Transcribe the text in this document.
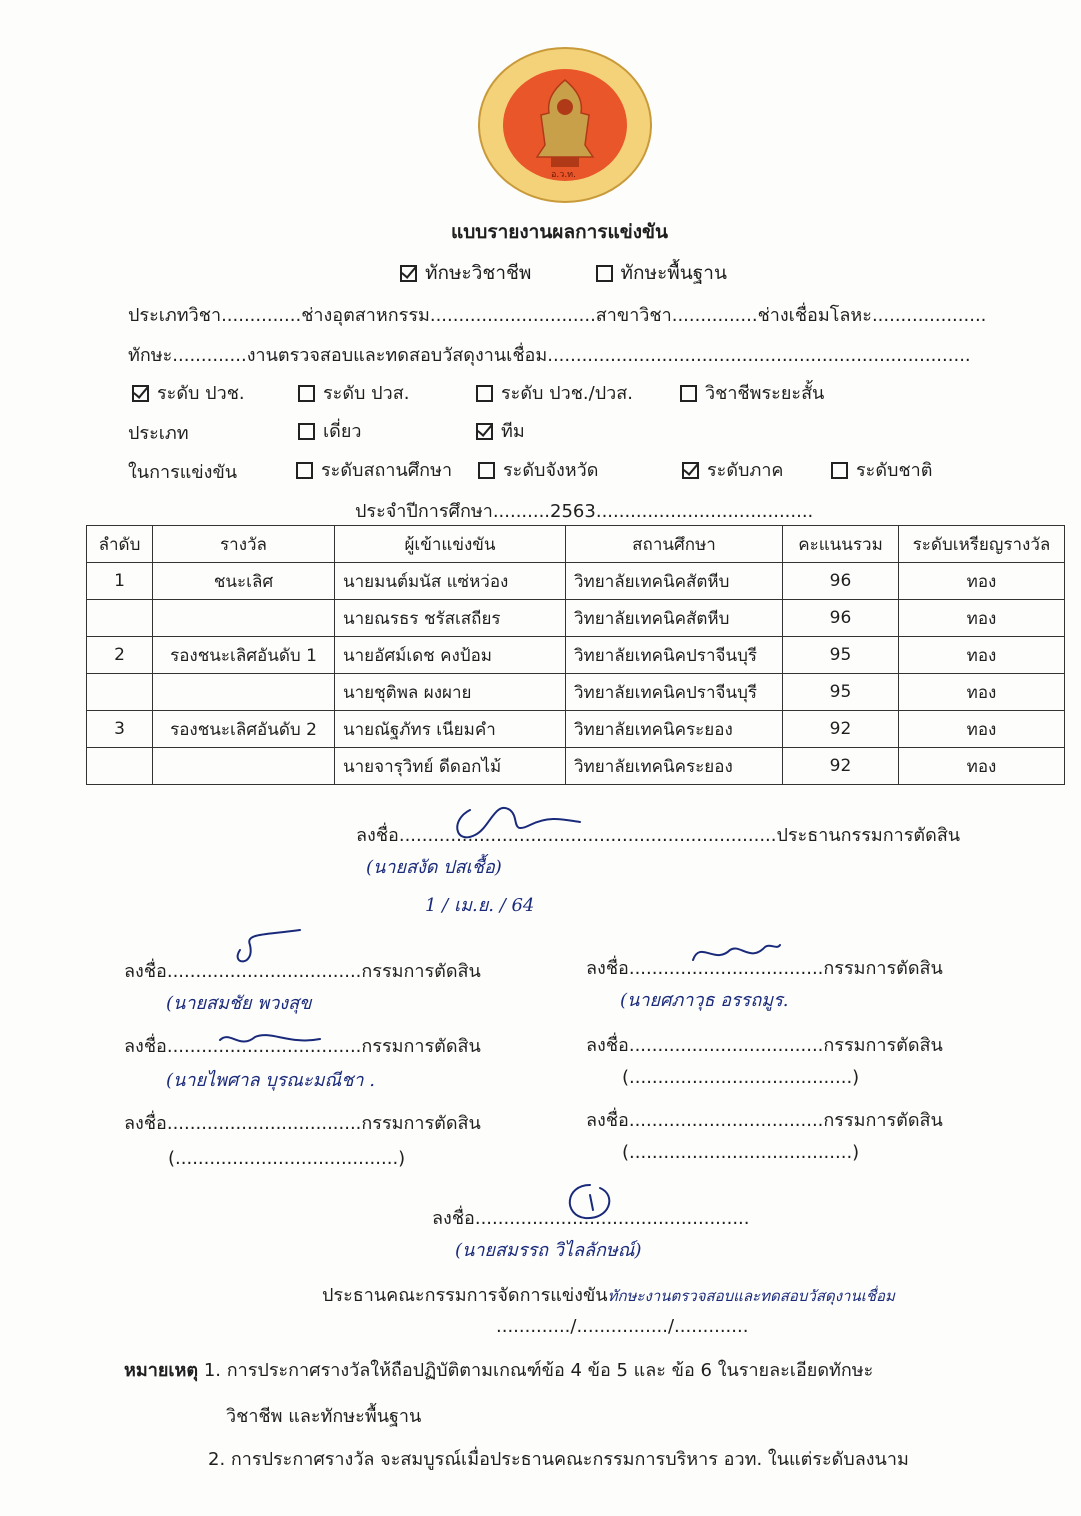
อ.ว.ท.
แบบรายงานผลการแข่งขัน
ทักษะวิชาชีพ	ทักษะพื้นฐาน
ประเภทวิชา..............ช่างอุตสาหกรรม.............................สาขาวิชา...............ช่างเชื่อมโลหะ....................
ทักษะ.............งานตรวจสอบและทดสอบวัสดุงานเชื่อม..........................................................................
ระดับ ปวช.	ระดับ ปวส.	ระดับ ปวช./ปวส.	วิชาชีพระยะสั้น
ประเภท	เดี่ยว	ทีม
ในการแข่งขัน	ระดับสถานศึกษา	ระดับจังหวัด	ระดับภาค	ระดับชาติ
ประจำปีการศึกษา..........2563......................................
ลำดับ	รางวัล	ผู้เข้าแข่งขัน	สถานศึกษา	คะแนนรวม	ระดับเหรียญรางวัล
1	ชนะเลิศ	นายมนต์มนัส แซ่หว่อง	วิทยาลัยเทคนิคสัตหีบ	96	ทอง
		นายณรธร ชรัสเสถียร	วิทยาลัยเทคนิคสัตหีบ	96	ทอง
2	รองชนะเลิศอันดับ 1	นายอัศม์เดช คงป้อม	วิทยาลัยเทคนิคปราจีนบุรี	95	ทอง
		นายชุติพล ผงผาย	วิทยาลัยเทคนิคปราจีนบุรี	95	ทอง
3	รองชนะเลิศอันดับ 2	นายณัฐภัทร เนียมคำ	วิทยาลัยเทคนิคระยอง	92	ทอง
		นายจารุวิทย์ ดีดอกไม้	วิทยาลัยเทคนิคระยอง	92	ทอง
ลงชื่อ..................................................................ประธานกรรมการตัดสิน
(นายสงัด ปสเชื้อ)
1 / เม.ย. / 64
ลงชื่อ..................................กรรมการตัดสิน
(นายสมชัย พวงสุข
ลงชื่อ..................................กรรมการตัดสิน
(นายไพศาล บุรณะมณีชา .
ลงชื่อ..................................กรรมการตัดสิน
(.......................................)
ลงชื่อ..................................กรรมการตัดสิน
(นายศภาวุธ อรรถมูร.
ลงชื่อ..................................กรรมการตัดสิน
(.......................................)
ลงชื่อ..................................กรรมการตัดสิน
(.......................................)
ลงชื่อ................................................
(นายสมรรถ วิไลลักษณ์)
ประธานคณะกรรมการจัดการแข่งขันทักษะงานตรวจสอบและทดสอบวัสดุงานเชื่อม
............./................/.............
หมายเหตุ 1. การประกาศรางวัลให้ถือปฏิบัติตามเกณฑ์ข้อ 4 ข้อ 5 และ ข้อ 6 ในรายละเอียดทักษะ
วิชาชีพ และทักษะพื้นฐาน
2. การประกาศรางวัล จะสมบูรณ์เมื่อประธานคณะกรรมการบริหาร อวท. ในแต่ระดับลงนาม
